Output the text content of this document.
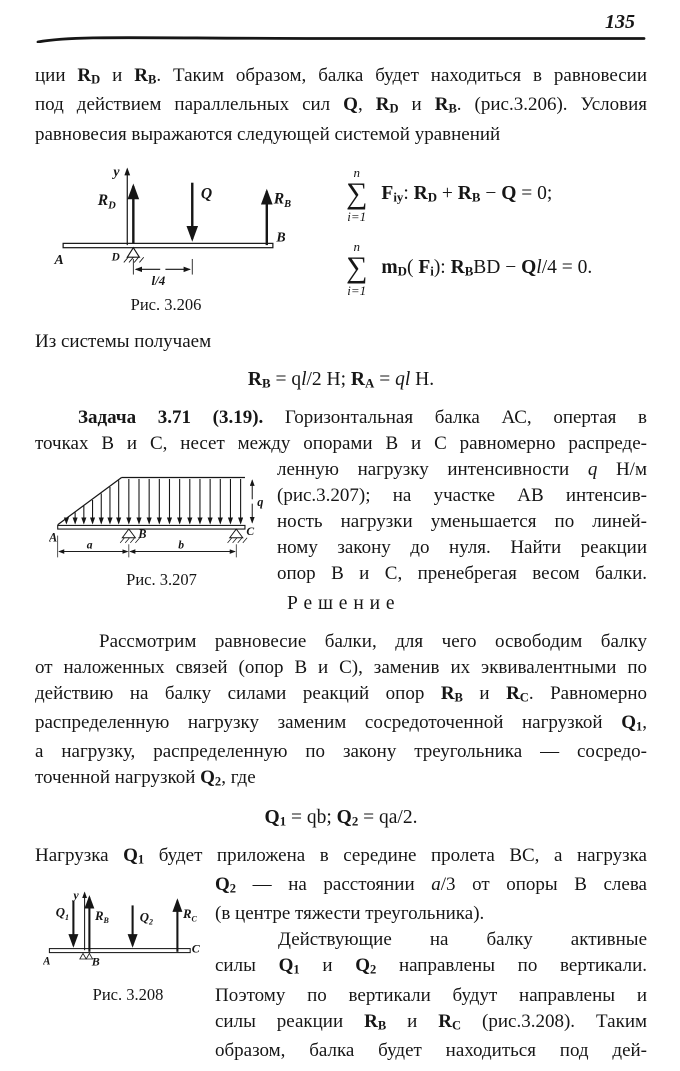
135
ции RD и RB. Таким образом, балка будет находиться в равновесии
под действием параллельных сил Q, RD и RB. (рис.3.206). Условия
равновесия выражаются следующей системой уравнений
y
$R_D$
Q	$R_B$
A
B
D
l/4
Рис. 3.206
n
∑
i=1
Fiy: RD + RB − Q = 0;
n
∑
i=1
mD( Fi): RBBD − Ql/4 = 0.
Из системы получаем
RB = ql/2 Н; RA = ql Н.
Задача 3.71 (3.19). Горизонтальная балка АС, опертая в
точках В и С, несет между опорами В и С равномерно распреде-
A	B	C
q
a	b
Рис. 3.207
ленную нагрузку интенсивности q Н/м
(рис.3.207); на участке АВ интенсив-
ность нагрузки уменьшается по линей-
ному закону до нуля. Найти реакции
опор В и С, пренебрегая весом балки.
Решение
Рассмотрим равновесие балки, для чего освободим балку
от наложенных связей (опор В и С), заменив их эквивалентными по
действию на балку силами реакций опор RB и RC. Равномерно
распределенную нагрузку заменим сосредоточенной нагрузкой Q1,
а нагрузку, распределенную по закону треугольника — сосредо-
точенной нагрузкой Q2, где
Q1 = qb; Q2 = qa/2.
Нагрузка Q1 будет приложена в середине пролета ВС, а нагрузка
y
$Q_1$ $R_B$ $Q_2$
$R_C$
A	B
C
Рис. 3.208
Q2 — на расстоянии a/3 от опоры В слева
(в центре тяжести треугольника).
Действующие на балку активные
силы Q1 и Q2 направлены по вертикали.
Поэтому по вертикали будут направлены и
силы реакции RB и RC (рис.3.208). Таким
образом, балка будет находиться под дей-
